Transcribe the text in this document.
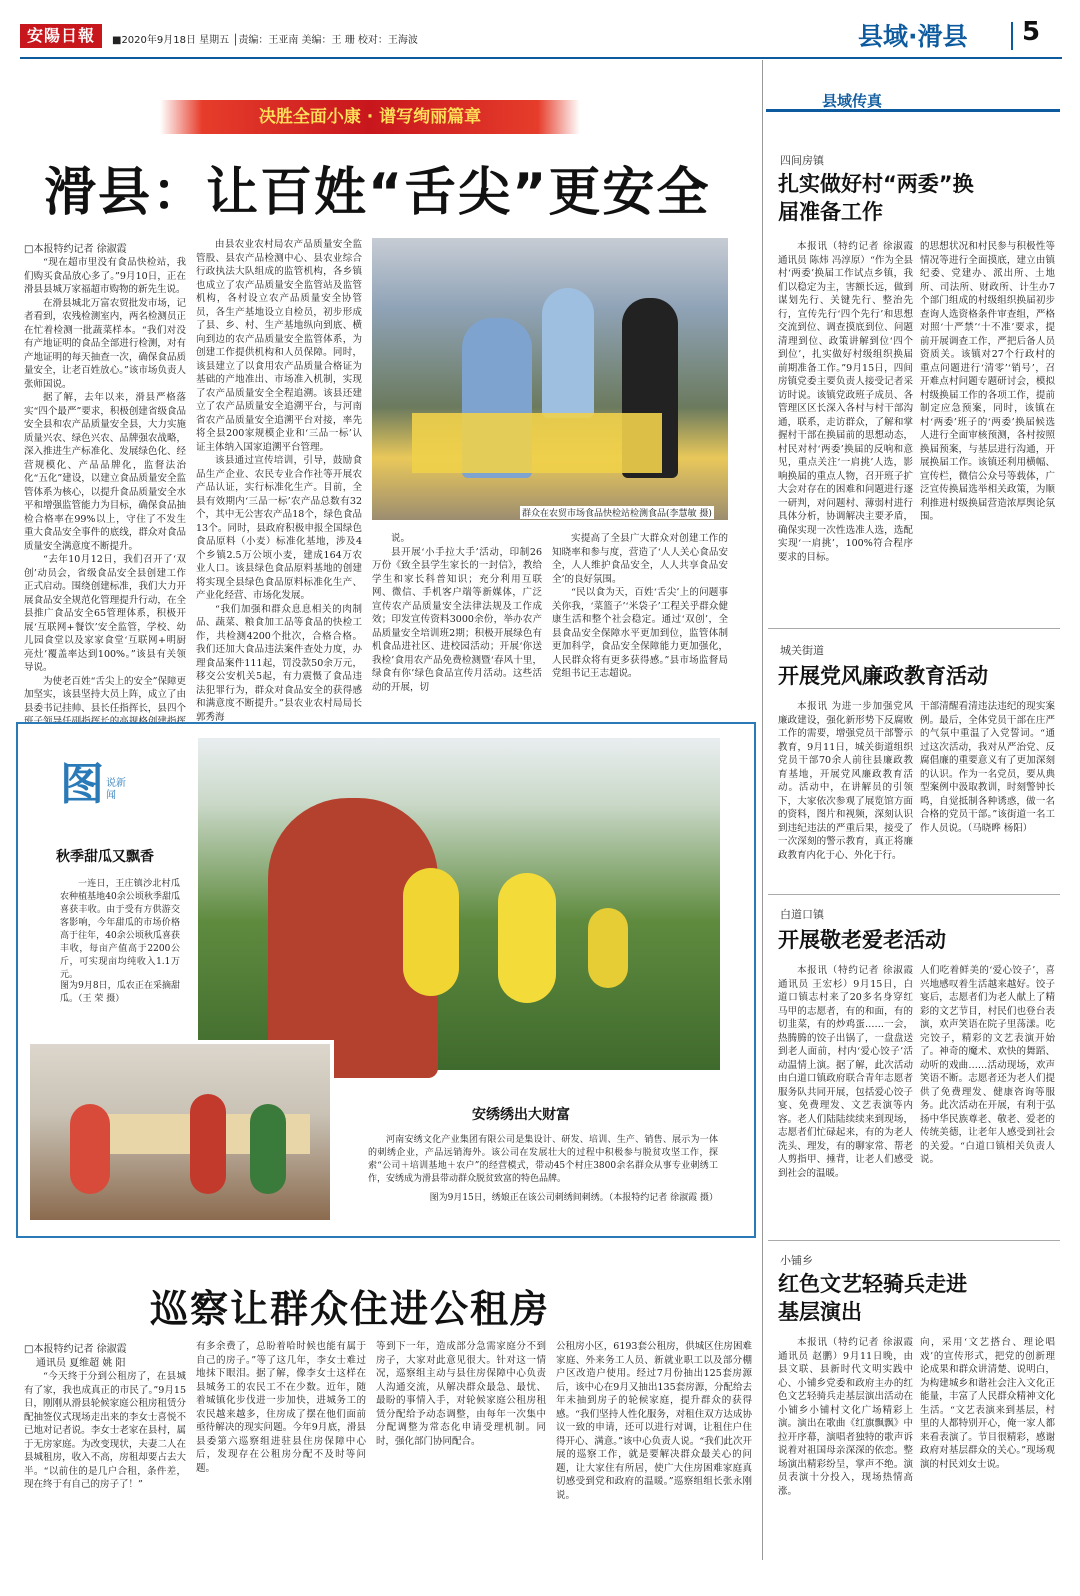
安陽日報	■2020年9月18日 星期五 │责编：王亚南 美编：王 珊 校对：王海波	县域·滑县 5
决胜全面小康 · 谱写绚丽篇章
滑县：让百姓“舌尖”更安全
□本报特约记者 徐淑霞

“现在超市里没有食品快检站，我们购买食品放心多了。”9月10日，正在滑县县城万家福超市购物的新先生说。

在滑县城北万富农贸批发市场，记者看到，农残检测室内，两名检测员正在忙着检测一批蔬菜样本。“我们对没有产地证明的食品全部进行检测，对有产地证明的每天抽查一次，确保食品质量安全，让老百姓放心。”该市场负责人张师国说。

据了解，去年以来，滑县严格落实“四个最严”要求，积极创建省级食品安全县和农产品质量安全县，大力实施质量兴农、绿色兴农、品牌强农战略，深入推进生产标准化、发展绿色化、经营规模化、产品品牌化，监督法治化“五化”建设，以建立食品质量安全监管体系为核心，以提升食品质量安全水平和增强监管能力为目标，确保食品抽检合格率在99%以上，守住了不发生重大食品安全事件的底线，群众对食品质量安全满意度不断提升。

“去年10月12日，我们召开了‘双创’动员会，省级食品安全县创建工作正式启动。围绕创建标准，我们大力开展食品安全规范化管理提升行动，在全县推广食品安全65管理体系，积极开展‘互联网+餐饮’安全监管，学校、幼儿园食堂以及家家食堂‘互联网+明厨亮灶’覆盖率达到100%。”该县有关领导说。

为使老百姓“舌尖上的安全”保障更加坚实，该县坚持大员上阵，成立了由县委书记挂帅、县长任指挥长，县四个

由县农业农村局农产品质量安全监管股、县农产品检测中心、县农业综合行政执法大队组成的监管机构，各乡镇也成立了农产品质量安全监管站及监管机构，各村设立农产品质量安全协管员，各生产基地设立自检员，初步形成了县、乡、村、生产基地纵向到底、横向到边的农产品质量安全监管体系，为创建工作提供机构和人员保障。同时，该县建立了以食用农产品质量合格证为基础的产地准出、市场准入机制，实现了农产品质量安全全程追溯。该县还建立了农产品质量安全追溯平台，与河南省农产品质量安全追溯平台对接，率先将全县200家规模企业和‘三品一标’认证主体纳入国家追溯平台管理。

该县通过宣传培训，引导，鼓励食品生产企业、农民专业合作社等开展农产品认证，实行标准化生产。目前，全县有效期内‘三品一标’农产品总数有32个，其中无公害农产品18个，绿色食品13个。同时，县政府积极申报全国绿色食品原料（小麦）标准化基地，涉及4个乡镇2.5万公顷小麦，建成164万农业人口。该县绿色食品原料基地的创建将实现全县绿色食品原料标准化生产、产业化经营、市场化发展。

“我们加强和群众息息相关的肉制品、蔬菜、粮食加工品等食品的快检工作，共检测4200个批次，合格合格。我们还加大食品违法案件查处力度，办理食品案件111起，罚没款50余万元，移交公安机关5起，有力震慑了食品违法犯罪行为，群众对食品安全的获得感和满意度不断提升。”县农业农村局局长郭秀海

说。

县开展‘小手拉大手’活动，印制26万份《致全县学生家长的一封信》，教给学生和家长科普知识；充分利用互联网、微信、手机客户端等新媒体，广泛宣传农产品质量安全法律法规及工作成效；印发宣传资料3000余份，举办农产品质量安全培训班2期；积极开展绿色有机食品进社区、进校园活动；开展‘你送我检’食用农产品免费检测暨‘春风十里，绿食有你’绿色食品宣传月活动。这些活动的开展，切

实提高了全县广大群众对创建工作的知晓率和参与度，营造了‘人人关心食品安全，人人维护食品安全，人人共享食品安全’的良好氛围。

“民以食为天，百姓‘舌尖’上的问题事关你我，‘菜篮子’‘米袋子’工程关乎群众健康生活和整个社会稳定。通过‘双创’，全县食品安全保障水平更加到位，监管体制更加科学，食品安全保障能力更加强化，人民群众将有更多获得感。”县市场监督局党组书记王志超说。

群众在农贸市场食品快检站检测食品(李慧敏 摄)
县域传真
四间房镇
扎实做好村“两委”换届准备工作
本报讯（特约记者 徐淑霞 通讯员 陈炜 冯淳原）“作为全县村‘两委’换届工作试点乡镇，我们以稳定为主，害额长远，做到谋划先行、关键先行、整治先行，宣传先行‘四个先行’和思想交流到位、调查摸底到位、问题清理到位、政策讲解到位‘四个到位’，扎实做好村级组织换届前期准备工作。”9月15日，四间房镇党委主要负责人接受记者采访时说。该镇党政班子成员、各管理区区长深入各村与村干部沟通，联系，走访群众，了解和掌握村干部在换届前的思想动态，村民对村‘两委’换届的反响和意见，重点关注‘一肩挑’人选，影响换届的重点人物，召开班子扩大会对存在的困难和问题进行逐一研判，对问题村、薄弱村进行具体分析，协调解决主要矛盾，确保实现一次性选准人选，选配实现‘一肩挑’，100%符合程序要求的目标。
的思想状况和村民参与积极性等情况等进行全面摸底，建立由镇纪委、党建办、派出所、土地所、司法所、财政所、计生办7个部门组成的村级组织换届初步查询人选资格条件审查组，严格对照‘十严禁’‘十不准’要求，提前开展调查工作，严把后备人员资质关。该镇对27个行政村的重点问题进行‘清零’‘销号’，召开难点村问题专题研讨会，模拟村级换届工作的各项工作，提前制定应急预案，同时，该镇在村‘两委’班子的‘两委’换届候选人进行全面审核预测，各村按照换届预案，与基层进行沟通，开展换届工作。该镇还利用横幅、宣传栏，微信公众号等载体，广泛宣传换届选举相关政策，为顺利推进村级换届营造浓厚舆论氛围。
城关街道
开展党风廉政教育活动
本报讯 为进一步加强党风廉政建设，强化新形势下反腐败工作的需要，增强党员干部警示教育，9月11日，城关街道组织党员干部70余人前往县廉政教育基地，开展党风廉政教育活动。活动中，在讲解员的引领下，大家依次参观了展览馆方面的资料，图片和视频，深刻认识到违纪违法的严重后果，接受了一次深刻的警示教育，真正将廉政教育内化于心、外化于行。
干部清醒看清违法违纪的现实案例。最后，全体党员干部在庄严的气氛中重温了入党誓词。“通过这次活动，我对从严治党、反腐倡廉的重要意义有了更加深刻的认识。作为一名党员，要从典型案例中汲取教训，时刻警钟长鸣，自觉抵制各种诱惑，做一名合格的党员干部。”该街道一名工作人员说。（马晓晔 杨阳）
白道口镇
开展敬老爱老活动
本报讯（特约记者 徐淑霞 通讯员 王宏杉）9月15日，白道口镇志村来了20多名身穿红马甲的志愿者，有的和面，有的切韭菜，有的炒鸡蛋……一会，热腾腾的饺子出锅了，一盘盘送到老人面前，村内‘爱心饺子’活动温情上演。据了解，此次活动由白道口镇政府联合青年志愿者服务队共同开展，包括爱心饺子宴、免费理发、文艺表演等内容。老人们陆陆续续来到现场，志愿者们忙碌起来，有的为老人洗头、理发，有的聊家常、帮老人剪指甲、捶背，让老人们感受到社会的温暖。
人们吃着鲜美的‘爱心饺子’，喜兴地感叹着生活越来越好。饺子宴后，志愿者们为老人献上了精彩的文艺节目，村民们也登台表演，欢声笑语在院子里荡漾。吃完饺子，精彩的文艺表演开始了。神奇的魔术、欢快的舞蹈、动听的戏曲……活动现场，欢声笑语不断。志愿者还为老人们提供了免费理发、健康咨询等服务。此次活动在开展，有利于弘扬中华民族尊老、敬老、爱老的传统美德，让老年人感受到社会的关爱。“白道口镇相关负责人说。
小铺乡
红色文艺轻骑兵走进基层演出
本报讯（特约记者 徐淑霞 通讯员 赵鹏）9月11日晚，由县文联、县新时代文明实践中心、小铺乡党委和政府主办的红色文艺轻骑兵走基层演出活动在小铺乡小铺村文化广场精彩上演。演出在歌曲《红旗飘飘》中拉开序幕，演唱者独特的歌声诉说着对祖国母亲深深的依恋。整场演出精彩纷呈，掌声不绝。演员表演十分投入，现场热情高涨。
向，采用‘文艺搭台、理论唱戏’的宣传形式，把党的创新理论成果和群众讲清楚、说明白，为构建城乡和谐社会注入文化正能量，丰富了人民群众精神文化生活。“文艺表演来到基层，村里的人都特别开心，俺一家人都来看表演了。节目很精彩，感谢政府对基层群众的关心。”现场观演的村民刘女士说。
图 说新闻
秋季甜瓜又飘香
一连日，王庄镇沙北村瓜农种植基地40余公顷秋季甜瓜喜获丰收。由于受有方供游交客影响，今年甜瓜的市场价格高于往年，40余公顷秋瓜喜获丰收，每亩产值高于2200公斤，可实现亩均纯收入1.1万元。
图为9月8日，瓜农正在采摘甜瓜。（王 荣 摄）
安绣绣出大财富
河南安绣文化产业集团有限公司是集设计、研发、培训、生产、销售、展示为一体的刺绣企业，产品远销海外。该公司在发展壮大的过程中积极参与脱贫攻坚工作，探索“公司＋培训基地＋农户”的经营模式，带动45个村庄3800余名群众从事专业刺绣工作，安绣成为滑县带动群众脱贫致富的特色品牌。
图为9月15日，绣娘正在该公司刺绣间刺绣。（本报特约记者 徐淑霞 摄）
巡察让群众住进公租房
□本报特约记者 徐淑霞
通讯员 夏维超 姚 阳
“今天终于分到公租房了，在县城有了家，我也成真正的市民了。”9月15日，刚刚从滑县轮候家庭公租房租赁分配抽签仪式现场走出来的李女士喜悦不已地对记者说。李女士老家在县村，属于无房家庭。为改变现状，夫妻二人在县城租房，收入不高，房租却要占去大半。“以前住的是几户合租，条件差，现在终于有自己的房子了！”
有多余费了，总盼着哈时候也能有属于自己的房子。”等了这几年，李女士难过地抹下眼泪。据了解，像李女士这样在县城务工的农民工不在少数。近年，随着城镇化步伐进一步加快，进城务工的农民越来越多，住房成了摆在他们面前亟待解决的现实问题。今年9月底，滑县县委第六巡察组进驻县住房保障中心后，发现存在公租房分配不及时等问题。
等到下一年，造成部分急需家庭分不到房子，大家对此意见很大。针对这一情况，巡察组主动与县住房保障中心负责人沟通交流，从解决群众最急、最忧、最盼的事情入手，对轮候家庭公租房租赁分配给予动态调整，由每年一次集中分配调整为常态化申请受理机制。同时，强化部门协同配合。
公租房小区，6193套公租房，供城区住房困难家庭、外来务工人员、新就业职工以及部分棚户区改造户使用。经过7月份抽出125套房源后，该中心在9月又抽出135套房源，分配给去年未抽到房子的轮候家庭，提升群众的获得感。“我们坚持人性化服务，对租住双方达成协议一致的申请，还可以进行对调，让租住户住得开心、满意。”该中心负责人说。“我们此次开展的巡察工作，就是要解决群众最关心的问题，让大家住有所居，使广大住房困难家庭真切感受到党和政府的温暖。”巡察组组长张永刚说。
